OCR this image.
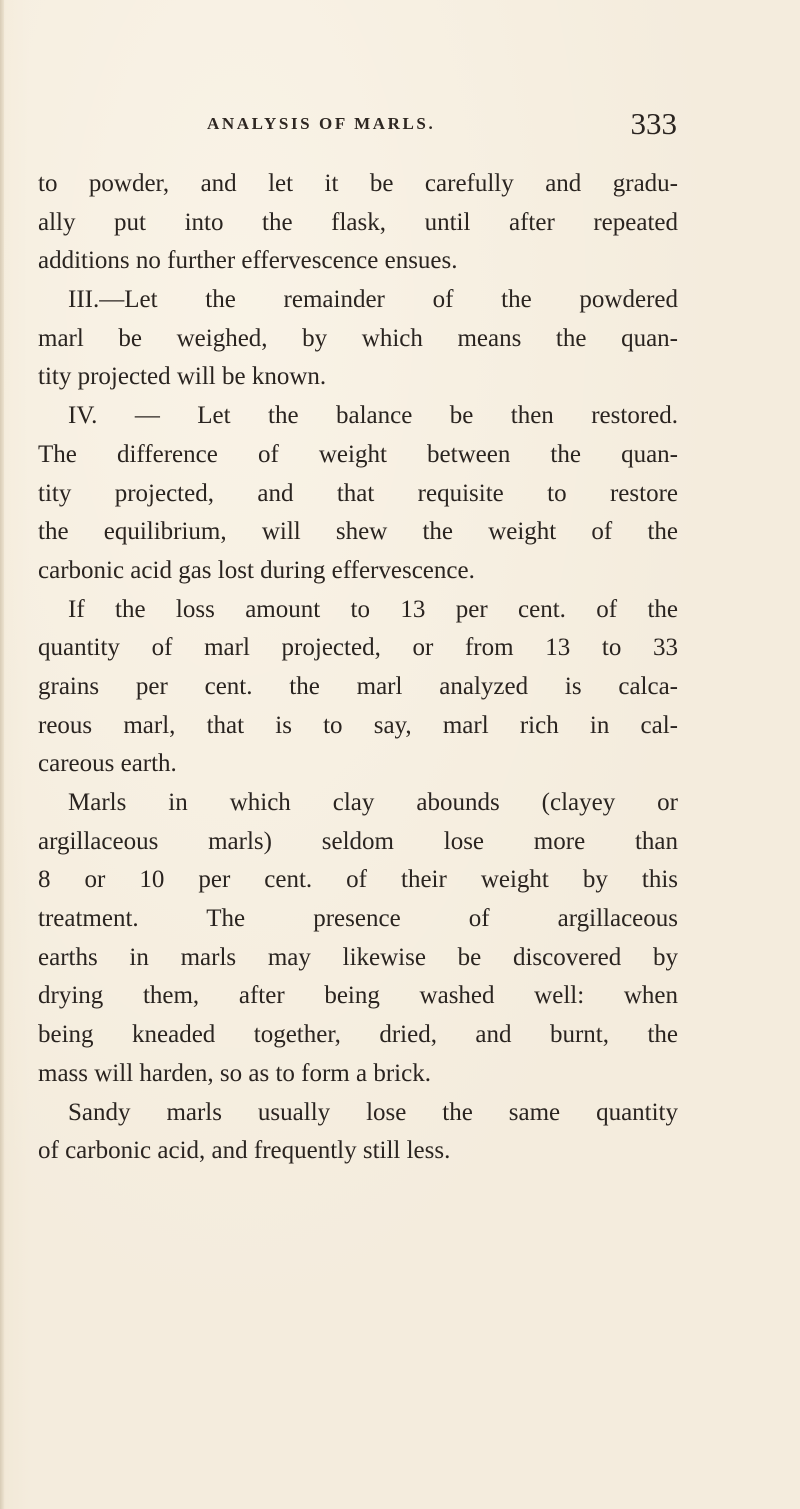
ANALYSIS OF MARLS.	333
to powder, and let it be carefully and gradu-
ally put into the flask, until after repeated
additions no further effervescence ensues.
III.—Let the remainder of the powdered
marl be weighed, by which means the quan-
tity projected will be known.
IV. — Let the balance be then restored.
The difference of weight between the quan-
tity projected, and that requisite to restore
the equilibrium, will shew the weight of the
carbonic acid gas lost during effervescence.
If the loss amount to 13 per cent. of the
quantity of marl projected, or from 13 to 33
grains per cent. the marl analyzed is calca-
reous marl, that is to say, marl rich in cal-
careous earth.
Marls in which clay abounds (clayey or
argillaceous marls) seldom lose more than
8 or 10 per cent. of their weight by this
treatment. The presence of argillaceous
earths in marls may likewise be discovered by
drying them, after being washed well: when
being kneaded together, dried, and burnt, the
mass will harden, so as to form a brick.
Sandy marls usually lose the same quantity
of carbonic acid, and frequently still less.
